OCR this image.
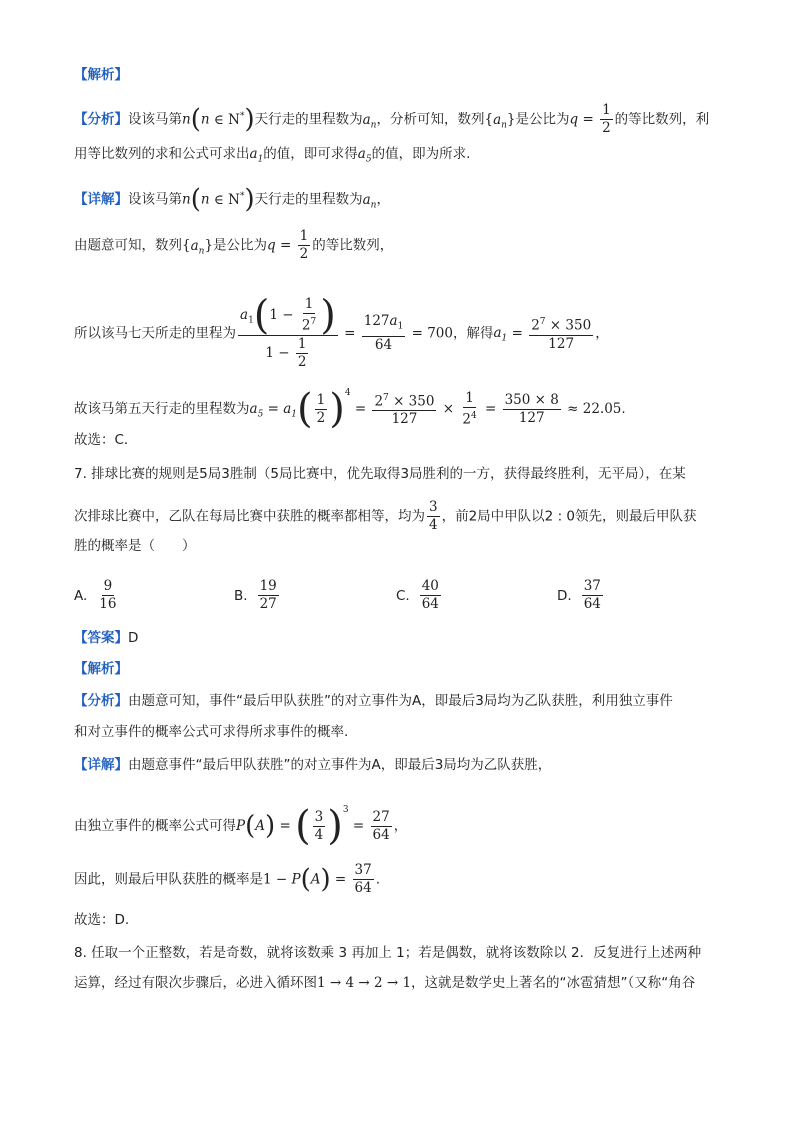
【解析】
【分析】设该马第n(n ∈ N*)天行走的里程数为$a_n$，分析可知，数列$\{a_n\}$是公比为$q = \frac{1}{2}$ 的等比数列，利
用等比数列的求和公式可求出$a_1$的值，即可求得$a_5$的值，即为所求.
【详解】设该马第n(n ∈ N*)天行走的里程数为$a_n$，
由题意可知，数列$\{a_n\}$是公比为$q = \frac{1}{2}$ 的等比数列，
所以该马七天所走的里程为 $\frac{a_1(1 - \frac{1}{2^7} )}{1 - \frac{1}{2}} = \frac{127a_1}{64} = 700$，解得$a_1 = \frac{2^7 \times 350}{127}$ ，
故该马第五天行走的里程数为$a_5 = a_1( \frac{1}{2} )^4 = \frac{2^7 \times 350}{127} \times \frac{1}{2^4} = \frac{350 \times 8}{127} \approx 22.05$.
故选：C．
7. 排球比赛的规则是5局3胜制（5局比赛中，优先取得3局胜利的一方，获得最终胜利，无平局），在某
次排球比赛中，乙队在每局比赛中获胜的概率都相等，均为 $\frac{3}{4}$ ，前2局中甲队以2 : 0领先，则最后甲队获
胜的概率是（　　）
A. $\frac{9}{16}$	B. $\frac{19}{27}$	C. $\frac{40}{64}$	D. $\frac{37}{64}$
【答案】D
【解析】
【分析】由题意可知，事件“最后甲队获胜”的对立事件为A，即最后3局均为乙队获胜，利用独立事件
和对立事件的概率公式可求得所求事件的概率.
【详解】由题意事件“最后甲队获胜”的对立事件为A，即最后3局均为乙队获胜，
由独立事件的概率公式可得P(A) = ( $\frac{3}{4} )^3 = \frac{27}{64}$ ，
因此，则最后甲队获胜的概率是$1 - P(A) = \frac{37}{64}$ .
故选：D.
8. 任取一个正整数，若是奇数，就将该数乘 3 再加上 1；若是偶数，就将该数除以 2．反复进行上述两种
运算，经过有限次步骤后，必进入循环图1 → 4 → 2 → 1，这就是数学史上著名的“冰雹猜想”（又称“角谷
